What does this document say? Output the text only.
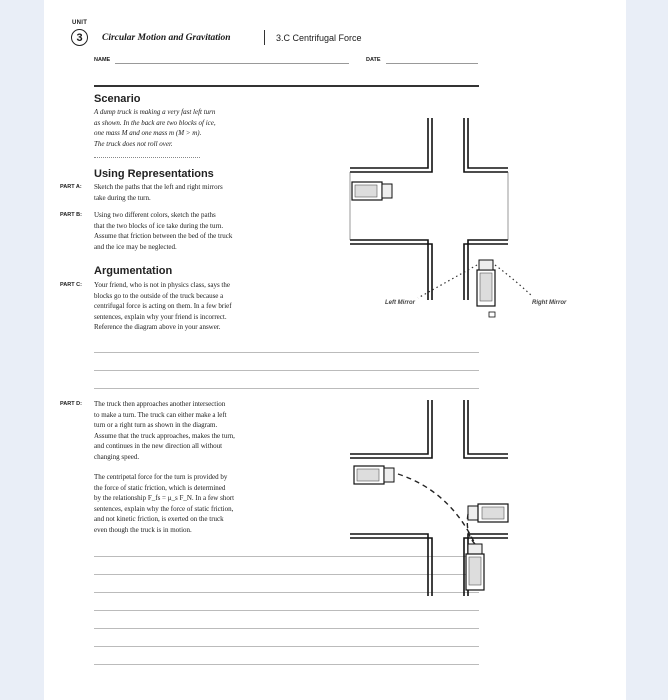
UNIT
3	Circular Motion and Gravitation	3.C Centrifugal Force
NAME	DATE
Scenario
A dump truck is making a very fast left turn
as shown. In the back are two blocks of ice,
one mass M and one mass m (M > m).
The truck does not roll over.
Using Representations
PART A:	Sketch the paths that the left and right mirrors
take during the turn.
PART B:	Using two different colors, sketch the paths
that the two blocks of ice take during the turn.
Assume that friction between the bed of the truck
and the ice may be neglected.
Argumentation
PART C:	Your friend, who is not in physics class, says the
blocks go to the outside of the truck because a
centrifugal force is acting on them. In a few brief
sentences, explain why your friend is incorrect.
Reference the diagram above in your answer.
PART D:	The truck then approaches another intersection
to make a turn. The truck can either make a left
turn or a right turn as shown in the diagram.
Assume that the truck approaches, makes the turn,
and continues in the new direction all without
changing speed.
The centripetal force for the turn is provided by
the force of static friction, which is determined
by the relationship F_fs = μ_s F_N. In a few short
sentences, explain why the force of static friction,
and not kinetic friction, is exerted on the truck
even though the truck is in motion.
Left Mirror	Right Mirror
